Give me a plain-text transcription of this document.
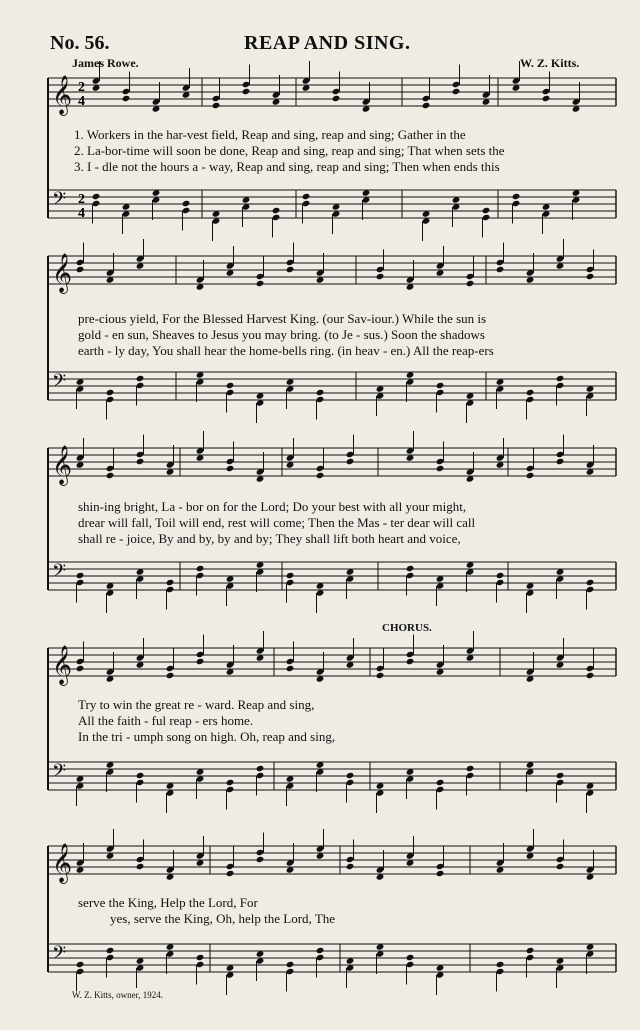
No. 56.	REAP AND SING.
James Rowe.	W. Z. Kitts.
𝄞
𝄢
2
4
2
4
𝄞
𝄢
𝄞
𝄢
𝄞
𝄢
𝄞
𝄢
1. Workers in the har-vest field, Reap and sing, reap and sing; Gather in the
2. La-bor-time will soon be done, Reap and sing, reap and sing; That when sets the
3. I - dle not the hours a - way, Reap and sing, reap and sing; Then when ends this
pre-cious yield, For the Blessed Harvest King. (our Sav-iour.) While the sun is
gold - en sun, Sheaves to Jesus you may bring. (to Je - sus.) Soon the shadows
earth - ly day, You shall hear the home-bells ring. (in heav - en.) All the reap-ers
shin-ing bright, La - bor on for the Lord; Do your best with all your might,
drear will fall, Toil will end, rest will come; Then the Mas - ter dear will call
shall re - joice, By and by, by and by; They shall lift both heart and voice,
CHORUS.
Try to win the great re - ward. Reap and sing,
All the faith - ful reap - ers home.
In the tri - umph song on high. Oh, reap and sing,
serve the King, Help the Lord, For
yes, serve the King, Oh, help the Lord, The
W. Z. Kitts, owner, 1924.
